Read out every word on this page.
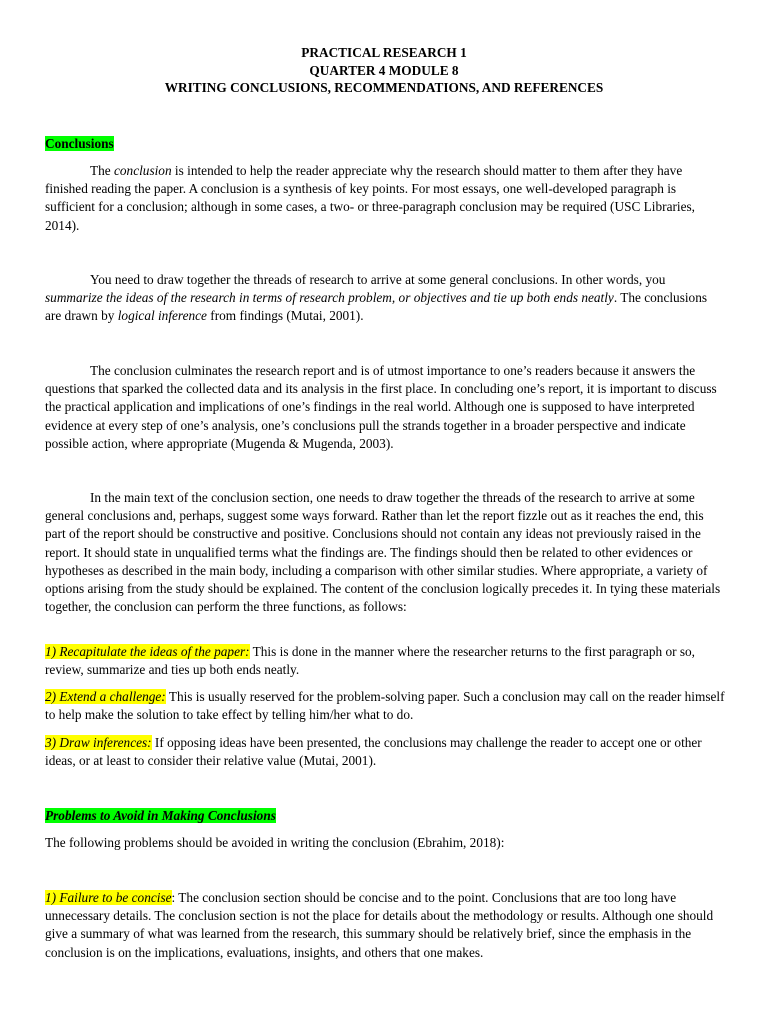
PRACTICAL RESEARCH 1
QUARTER 4 MODULE 8
WRITING CONCLUSIONS, RECOMMENDATIONS, AND REFERENCES

Conclusions

The conclusion is intended to help the reader appreciate why the research should matter to them after they have finished reading the paper. A conclusion is a synthesis of key points. For most essays, one well-developed paragraph is sufficient for a conclusion; although in some cases, a two- or three-paragraph conclusion may be required (USC Libraries, 2014).

You need to draw together the threads of research to arrive at some general conclusions. In other words, you summarize the ideas of the research in terms of research problem, or objectives and tie up both ends neatly. The conclusions are drawn by logical inference from findings (Mutai, 2001).

The conclusion culminates the research report and is of utmost importance to one’s readers because it answers the questions that sparked the collected data and its analysis in the first place. In concluding one’s report, it is important to discuss the practical application and implications of one’s findings in the real world. Although one is supposed to have interpreted evidence at every step of one’s analysis, one’s conclusions pull the strands together in a broader perspective and indicate possible action, where appropriate (Mugenda & Mugenda, 2003).

In the main text of the conclusion section, one needs to draw together the threads of the research to arrive at some general conclusions and, perhaps, suggest some ways forward. Rather than let the report fizzle out as it reaches the end, this part of the report should be constructive and positive. Conclusions should not contain any ideas not previously raised in the report. It should state in unqualified terms what the findings are. The findings should then be related to other evidences or hypotheses as described in the main body, including a comparison with other similar studies. Where appropriate, a variety of options arising from the study should be explained. The content of the conclusion logically precedes it. In tying these materials together, the conclusion can perform the three functions, as follows:

1) Recapitulate the ideas of the paper: This is done in the manner where the researcher returns to the first paragraph or so, review, summarize and ties up both ends neatly.

2) Extend a challenge: This is usually reserved for the problem-solving paper. Such a conclusion may call on the reader himself to help make the solution to take effect by telling him/her what to do.

3) Draw inferences: If opposing ideas have been presented, the conclusions may challenge the reader to accept one or other ideas, or at least to consider their relative value (Mutai, 2001).

Problems to Avoid in Making Conclusions

The following problems should be avoided in writing the conclusion (Ebrahim, 2018):

1) Failure to be concise: The conclusion section should be concise and to the point. Conclusions that are too long have unnecessary details. The conclusion section is not the place for details about the methodology or results. Although one should give a summary of what was learned from the research, this summary should be relatively brief, since the emphasis in the conclusion is on the implications, evaluations, insights, and others that one makes.
